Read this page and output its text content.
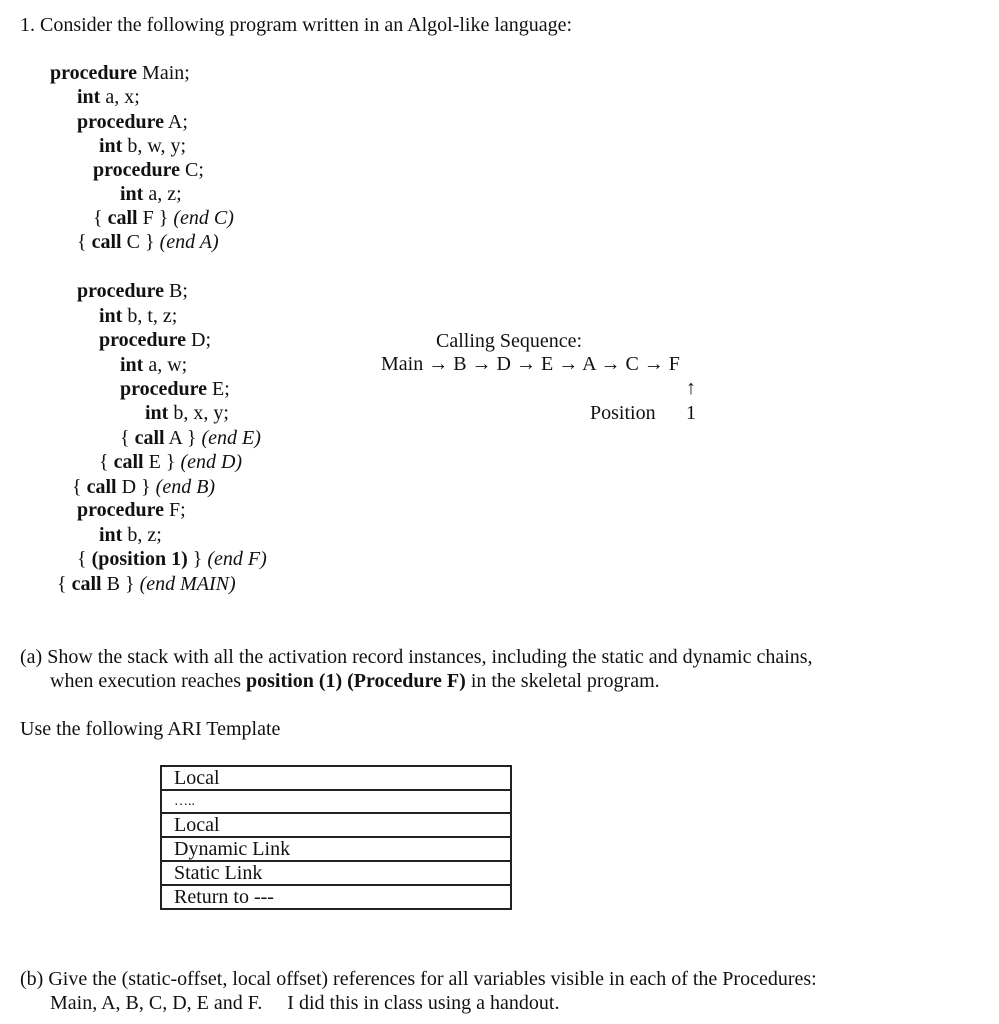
1. Consider the following program written in an Algol-like language:
procedure Main;
int a, x;
procedure A;
int b, w, y;
procedure C;
int a, z;
{ call F } (end C)
{ call C } (end A)
procedure B;
int b, t, z;
procedure D;
int a, w;
procedure E;
int b, x, y;
{ call A } (end E)
{ call E } (end D)
{ call D } (end B)
procedure F;
int b, z;
{ (position 1) } (end F)
{ call B } (end MAIN)
Calling Sequence:
Main → B → D → E → A → C → F
↑
Position 1
(a) Show the stack with all the activation record instances, including the static and dynamic chains,
when execution reaches position (1) (Procedure F) in the skeletal program.
Use the following ARI Template
Local
…..
Local
Dynamic Link
Static Link
Return to ---
(b) Give the (static-offset, local offset) references for all variables visible in each of the Procedures:
Main, A, B, C, D, E and F.     I did this in class using a handout.
